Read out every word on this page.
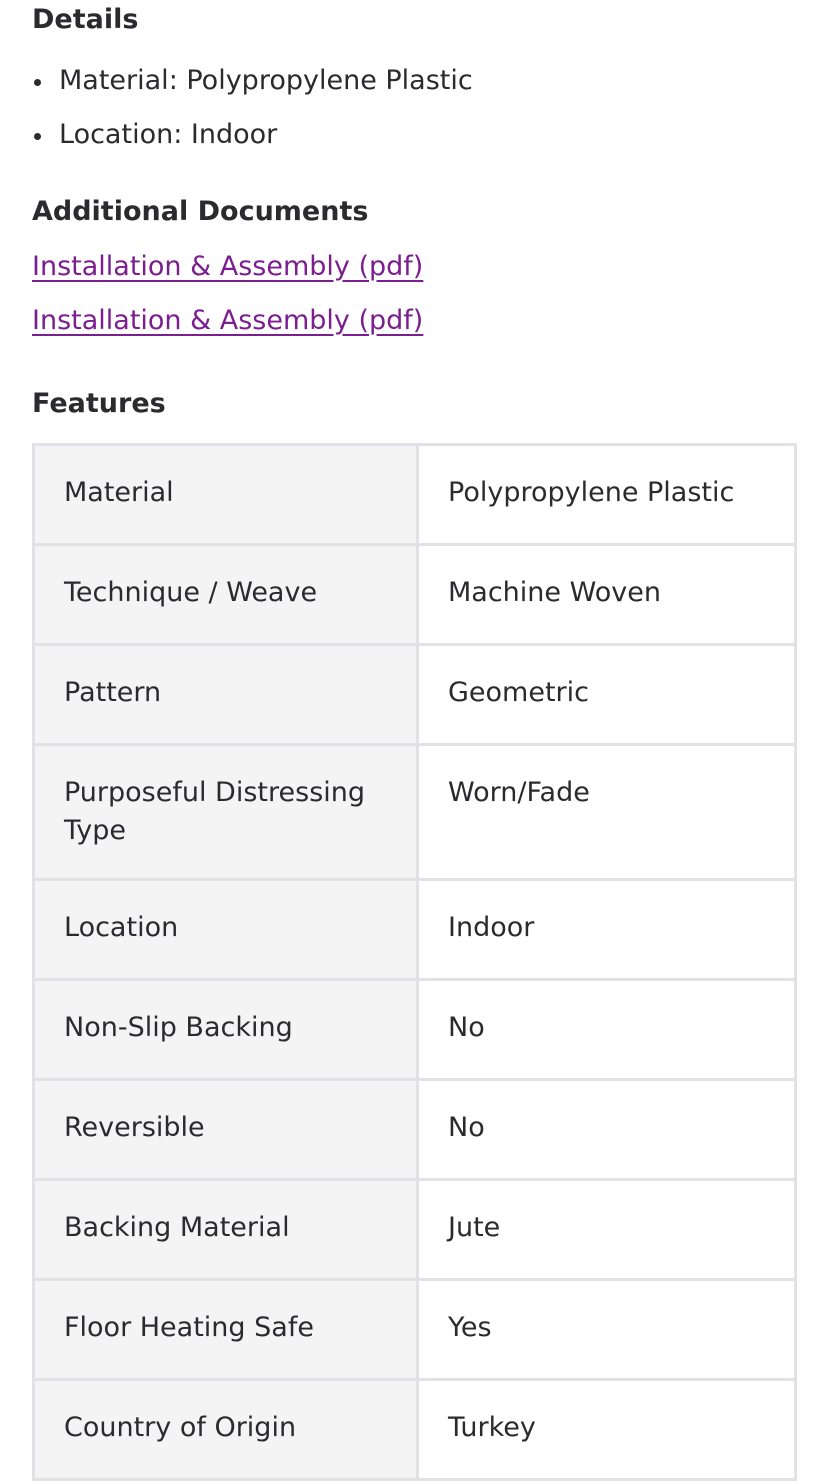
Details
Material: Polypropylene Plastic
Location: Indoor
Additional Documents
Installation & Assembly (pdf)
Installation & Assembly (pdf)
Features
Material	Polypropylene Plastic

Technique / Weave	Machine Woven

Pattern	Geometric

Purposeful Distressing Type	Worn/Fade

Location	Indoor

Non-Slip Backing	No

Reversible	No

Backing Material	Jute

Floor Heating Safe	Yes

Country of Origin	Turkey
